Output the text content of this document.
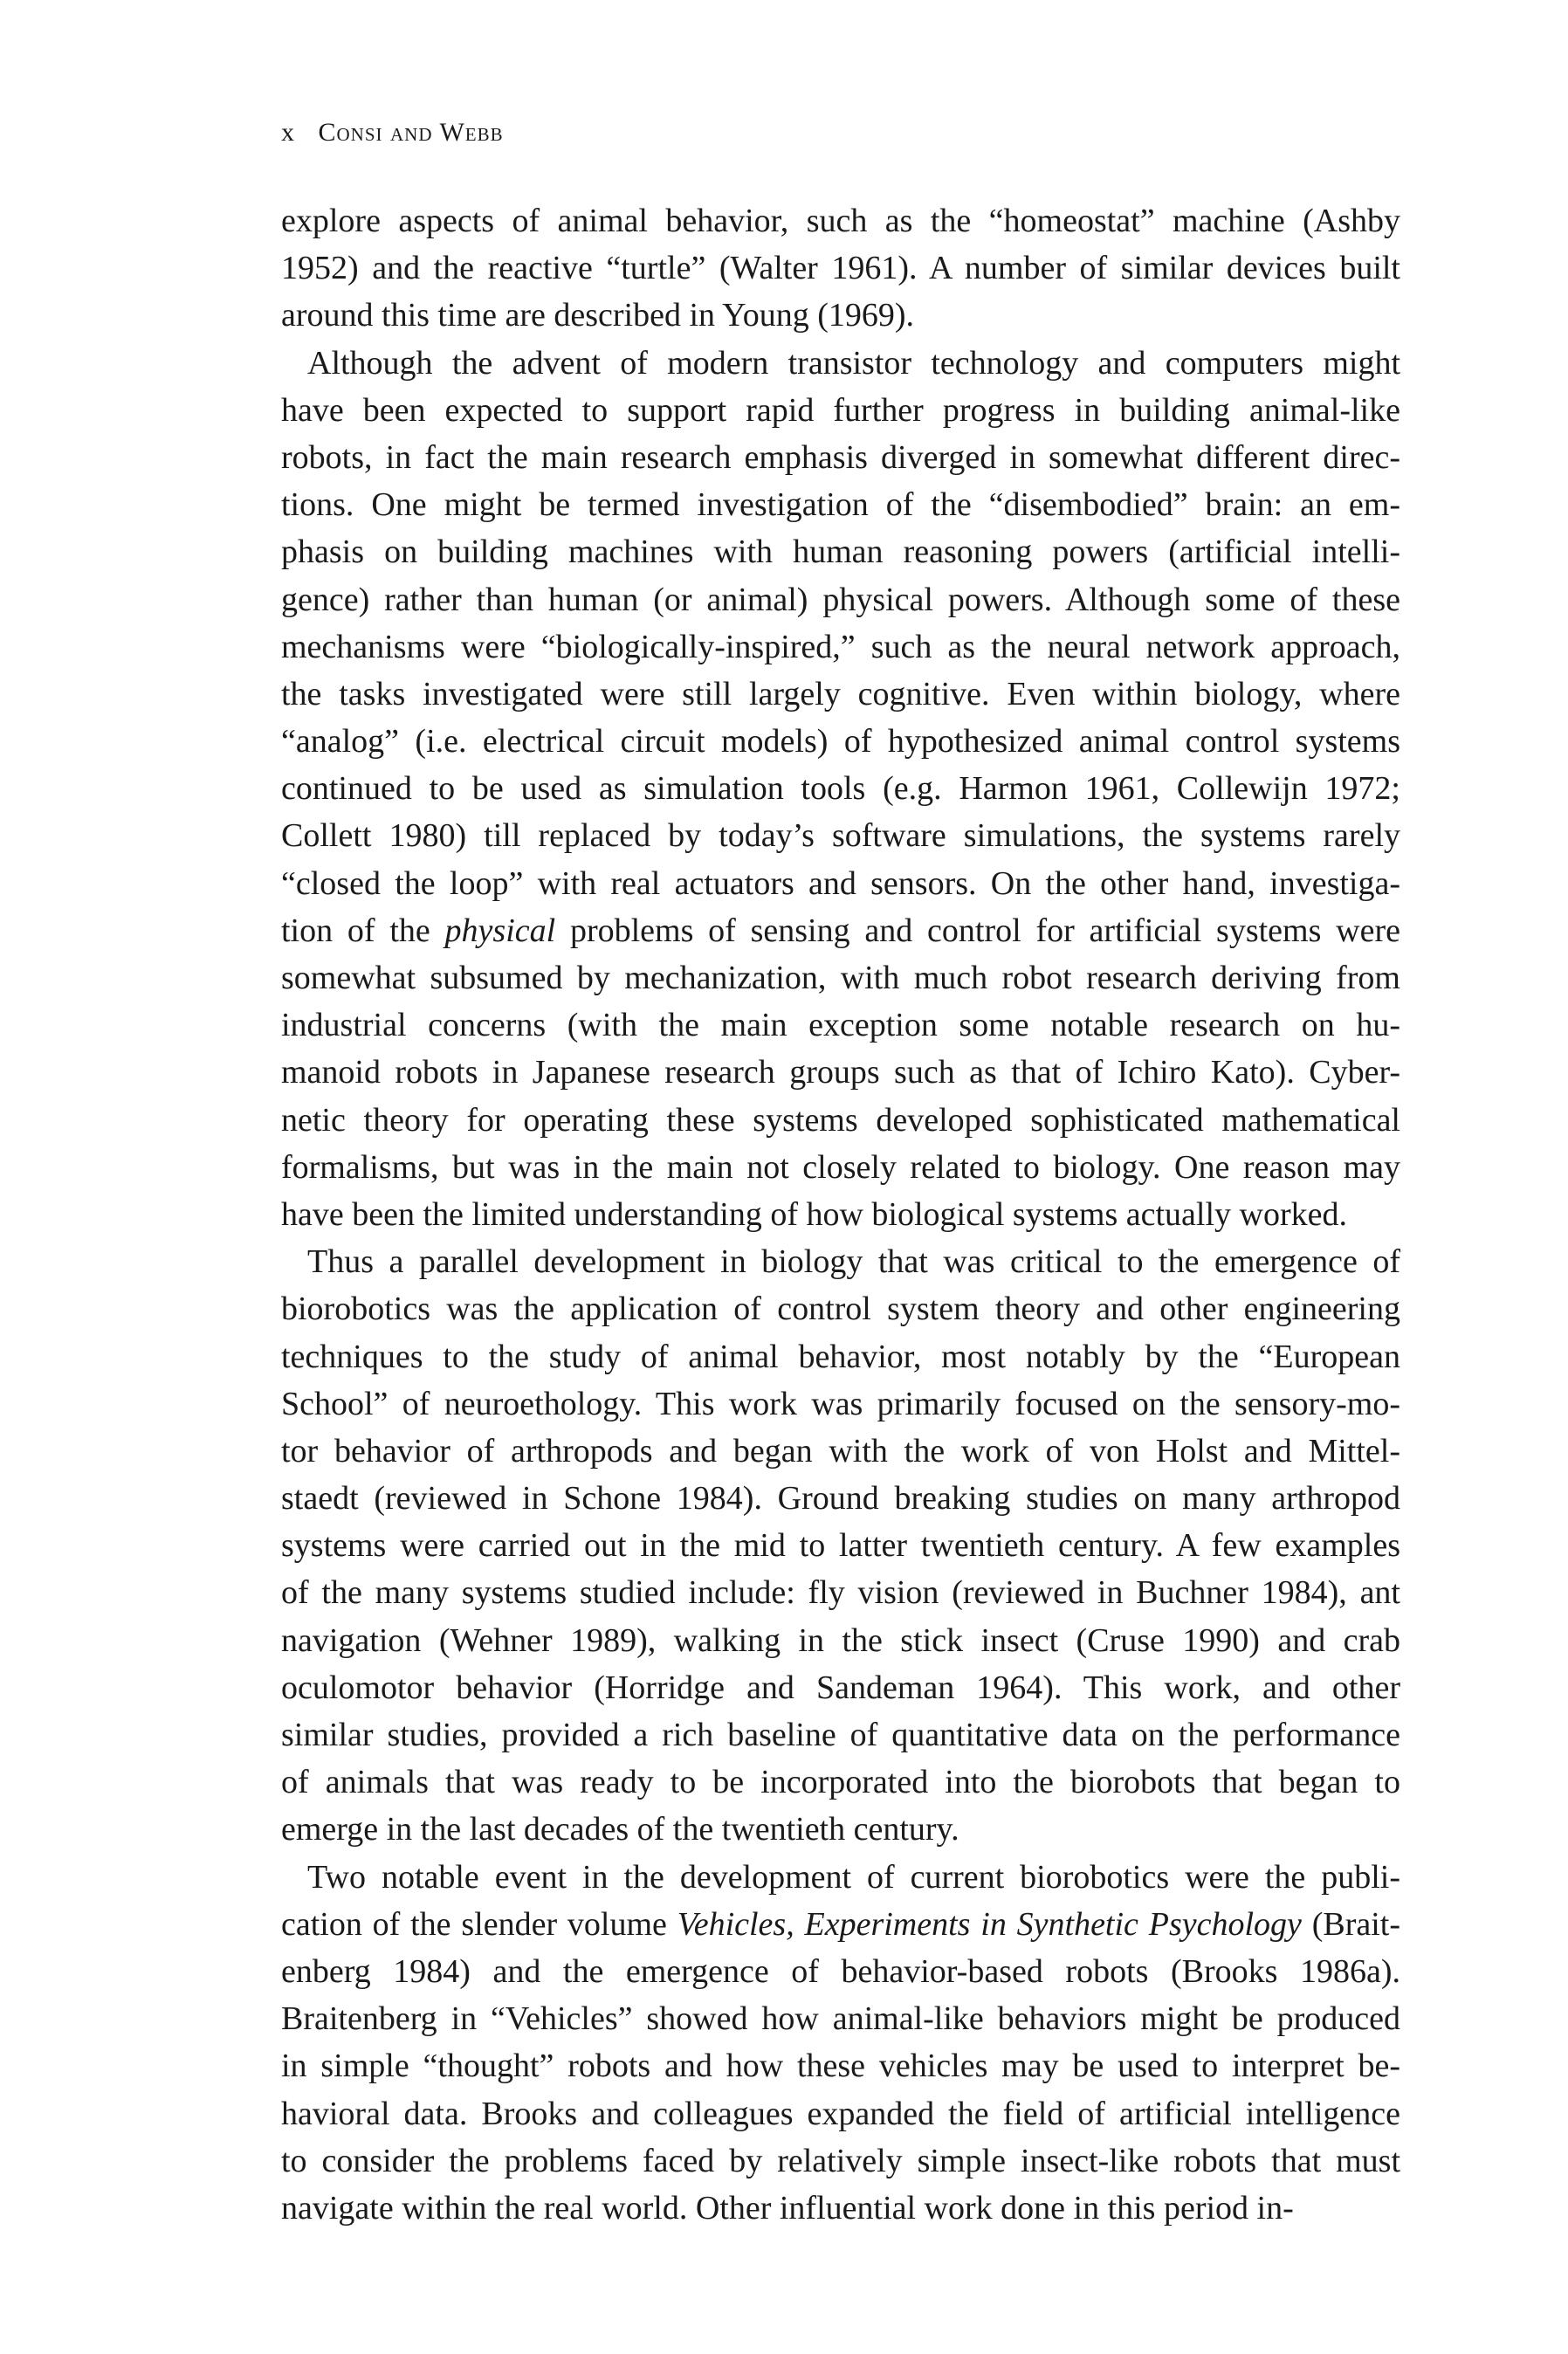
x Consi and Webb
explore aspects of animal behavior, such as the “homeostat” machine (Ashby
1952) and the reactive “turtle” (Walter 1961). A number of similar devices built
around this time are described in Young (1969).
Although the advent of modern transistor technology and computers might
have been expected to support rapid further progress in building animal-like
robots, in fact the main research emphasis diverged in somewhat different direc-
tions. One might be termed investigation of the “disembodied” brain: an em-
phasis on building machines with human reasoning powers (artificial intelli-
gence) rather than human (or animal) physical powers. Although some of these
mechanisms were “biologically-inspired,” such as the neural network approach,
the tasks investigated were still largely cognitive. Even within biology, where
“analog” (i.e. electrical circuit models) of hypothesized animal control systems
continued to be used as simulation tools (e.g. Harmon 1961, Collewijn 1972;
Collett 1980) till replaced by today’s software simulations, the systems rarely
“closed the loop” with real actuators and sensors. On the other hand, investiga-
tion of the physical problems of sensing and control for artificial systems were
somewhat subsumed by mechanization, with much robot research deriving from
industrial concerns (with the main exception some notable research on hu-
manoid robots in Japanese research groups such as that of Ichiro Kato). Cyber-
netic theory for operating these systems developed sophisticated mathematical
formalisms, but was in the main not closely related to biology. One reason may
have been the limited understanding of how biological systems actually worked.
Thus a parallel development in biology that was critical to the emergence of
biorobotics was the application of control system theory and other engineering
techniques to the study of animal behavior, most notably by the “European
School” of neuroethology. This work was primarily focused on the sensory-mo-
tor behavior of arthropods and began with the work of von Holst and Mittel-
staedt (reviewed in Schone 1984). Ground breaking studies on many arthropod
systems were carried out in the mid to latter twentieth century. A few examples
of the many systems studied include: fly vision (reviewed in Buchner 1984), ant
navigation (Wehner 1989), walking in the stick insect (Cruse 1990) and crab
oculomotor behavior (Horridge and Sandeman 1964). This work, and other
similar studies, provided a rich baseline of quantitative data on the performance
of animals that was ready to be incorporated into the biorobots that began to
emerge in the last decades of the twentieth century.
Two notable event in the development of current biorobotics were the publi-
cation of the slender volume Vehicles, Experiments in Synthetic Psychology (Brait-
enberg 1984) and the emergence of behavior-based robots (Brooks 1986a).
Braitenberg in “Vehicles” showed how animal-like behaviors might be produced
in simple “thought” robots and how these vehicles may be used to interpret be-
havioral data. Brooks and colleagues expanded the field of artificial intelligence
to consider the problems faced by relatively simple insect-like robots that must
navigate within the real world. Other influential work done in this period in-
